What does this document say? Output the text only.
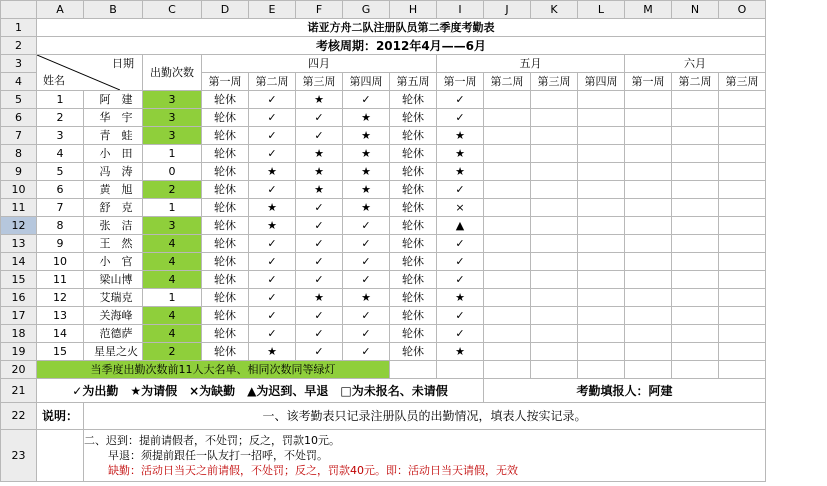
	A	B	C	D	E	F	G	H	I	J	K	L	M	N	O
1	诺亚方舟二队注册队员第二季度考勤表														
2	考核周期：2012年4月——6月														
3	日期
姓名		出勤次数	四月					五月				六月		
4				第一周	第二周	第三周	第四周	第五周	第一周	第二周	第三周	第四周	第一周	第二周	第三周
5	1	阿　建	3	轮休	✓	★	✓	轮休	✓						
6	2	华　宇	3	轮休	✓	✓	★	轮休	✓						
7	3	青　蛙	3	轮休	✓	✓	★	轮休	★						
8	4	小　田	1	轮休	✓	★	★	轮休	★						
9	5	冯　涛	0	轮休	★	★	★	轮休	★						
10	6	黄　旭	2	轮休	✓	★	★	轮休	✓						
11	7	舒　克	1	轮休	★	✓	★	轮休	×						
12	8	张　洁	3	轮休	★	✓	✓	轮休	▲						
13	9	王　然	4	轮休	✓	✓	✓	轮休	✓						
14	10	小　官	4	轮休	✓	✓	✓	轮休	✓						
15	11	梁山博	4	轮休	✓	✓	✓	轮休	✓						
16	12	艾瑞克	1	轮休	✓	★	★	轮休	★						
17	13	关海峰	4	轮休	✓	✓	✓	轮休	✓						
18	14	范德萨	4	轮休	✓	✓	✓	轮休	✓						
19	15	星星之火	2	轮休	★	✓	✓	轮休	★						
20	当季度出勤次数前11人大名单、相同次数同等绿灯														
21	✓为出勤　★为请假　×为缺勤　▲为迟到、早退　□为未报名、未请假									考勤填报人：阿建					
22	说明：	一、该考勤表只记录注册队员的出勤情况，填表人按实记录。													
23		二、迟到：提前请假者，不处罚；反之，罚款10元。
早退：须提前跟任一队友打一招呼，不处罚。
缺勤：活动日当天之前请假，不处罚；反之，罚款40元。即：活动日当天请假，无效													
